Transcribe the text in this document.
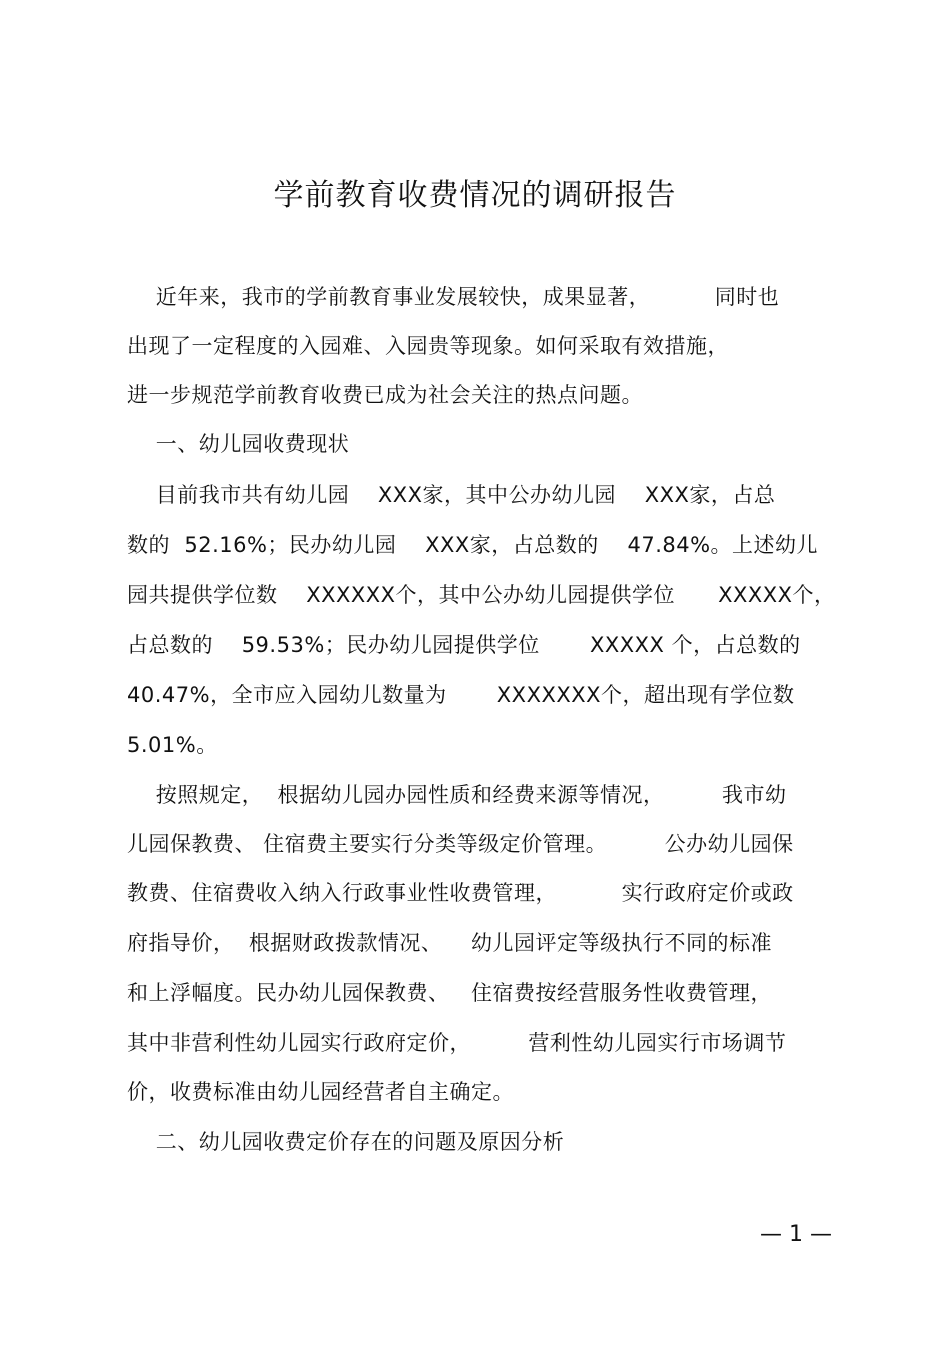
学前教育收费情况的调研报告
近年来，我市的学前教育事业发展较快，成果显著，         同时也
出现了一定程度的入园难、入园贵等现象。如何采取有效措施，
进一步规范学前教育收费已成为社会关注的热点问题。
一、幼儿园收费现状
目前我市共有幼儿园    XXX家，其中公办幼儿园    XXX家，占总
数的  52.16%；民办幼儿园    XXX家，占总数的    47.84%。上述幼儿
园共提供学位数    XXXXXX个，其中公办幼儿园提供学位      XXXXX个，
占总数的    59.53%；民办幼儿园提供学位       XXXXX 个，占总数的
40.47%，全市应入园幼儿数量为       XXXXXXX个，超出现有学位数
5.01%。
按照规定，  根据幼儿园办园性质和经费来源等情况，        我市幼
儿园保教费、 住宿费主要实行分类等级定价管理。        公办幼儿园保
教费、住宿费收入纳入行政事业性收费管理，         实行政府定价或政
府指导价，  根据财政拨款情况、    幼儿园评定等级执行不同的标准
和上浮幅度。民办幼儿园保教费、   住宿费按经营服务性收费管理，
其中非营利性幼儿园实行政府定价，        营利性幼儿园实行市场调节
价，收费标准由幼儿园经营者自主确定。
二、幼儿园收费定价存在的问题及原因分析
— 1 —
